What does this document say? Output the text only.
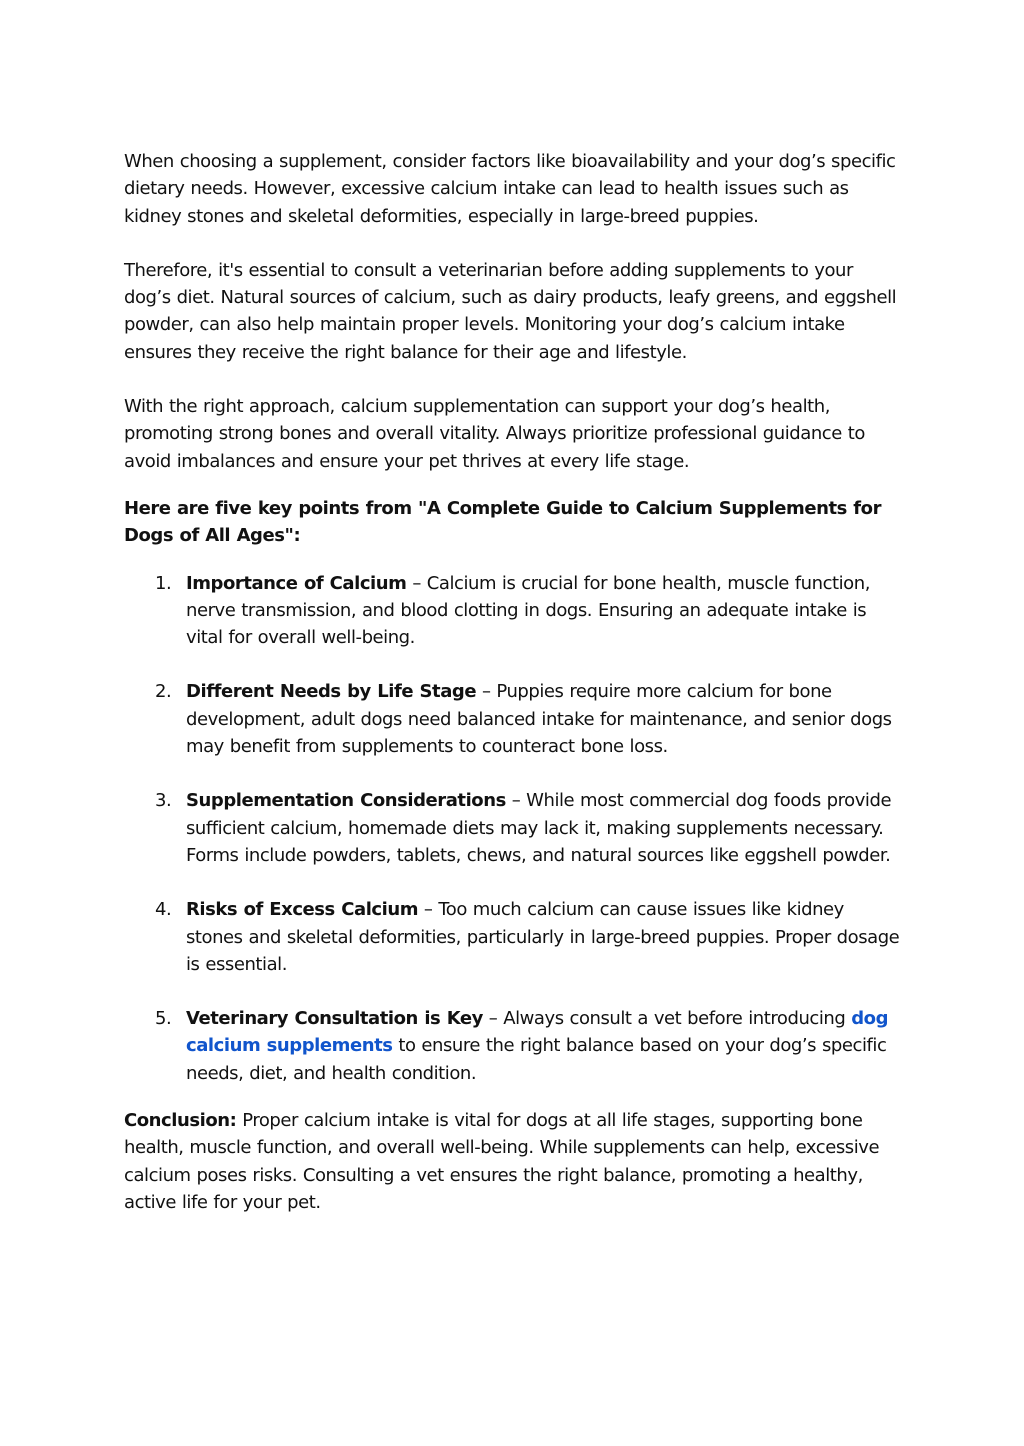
When choosing a supplement, consider factors like bioavailability and your dog’s specific dietary needs. However, excessive calcium intake can lead to health issues such as kidney stones and skeletal deformities, especially in large-breed puppies.

Therefore, it's essential to consult a veterinarian before adding supplements to your dog’s diet. Natural sources of calcium, such as dairy products, leafy greens, and eggshell powder, can also help maintain proper levels. Monitoring your dog’s calcium intake ensures they receive the right balance for their age and lifestyle.

With the right approach, calcium supplementation can support your dog’s health, promoting strong bones and overall vitality. Always prioritize professional guidance to avoid imbalances and ensure your pet thrives at every life stage.

Here are five key points from "A Complete Guide to Calcium Supplements for Dogs of All Ages":

1. Importance of Calcium – Calcium is crucial for bone health, muscle function, nerve transmission, and blood clotting in dogs. Ensuring an adequate intake is vital for overall well-being.
2. Different Needs by Life Stage – Puppies require more calcium for bone development, adult dogs need balanced intake for maintenance, and senior dogs may benefit from supplements to counteract bone loss.
3. Supplementation Considerations – While most commercial dog foods provide sufficient calcium, homemade diets may lack it, making supplements necessary. Forms include powders, tablets, chews, and natural sources like eggshell powder.
4. Risks of Excess Calcium – Too much calcium can cause issues like kidney stones and skeletal deformities, particularly in large-breed puppies. Proper dosage is essential.
5. Veterinary Consultation is Key – Always consult a vet before introducing dog calcium supplements to ensure the right balance based on your dog’s specific needs, diet, and health condition.

Conclusion: Proper calcium intake is vital for dogs at all life stages, supporting bone health, muscle function, and overall well-being. While supplements can help, excessive calcium poses risks. Consulting a vet ensures the right balance, promoting a healthy, active life for your pet.
